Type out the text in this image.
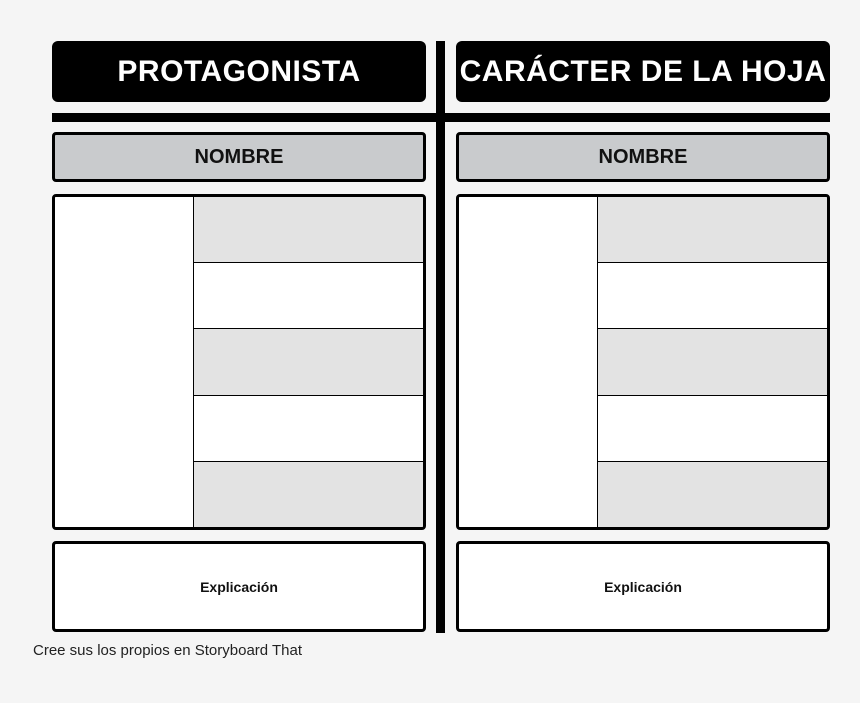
PROTAGONISTA	CARÁCTER DE LA HOJA
NOMBRE	NOMBRE
Explicación	Explicación
Cree sus los propios en Storyboard That
